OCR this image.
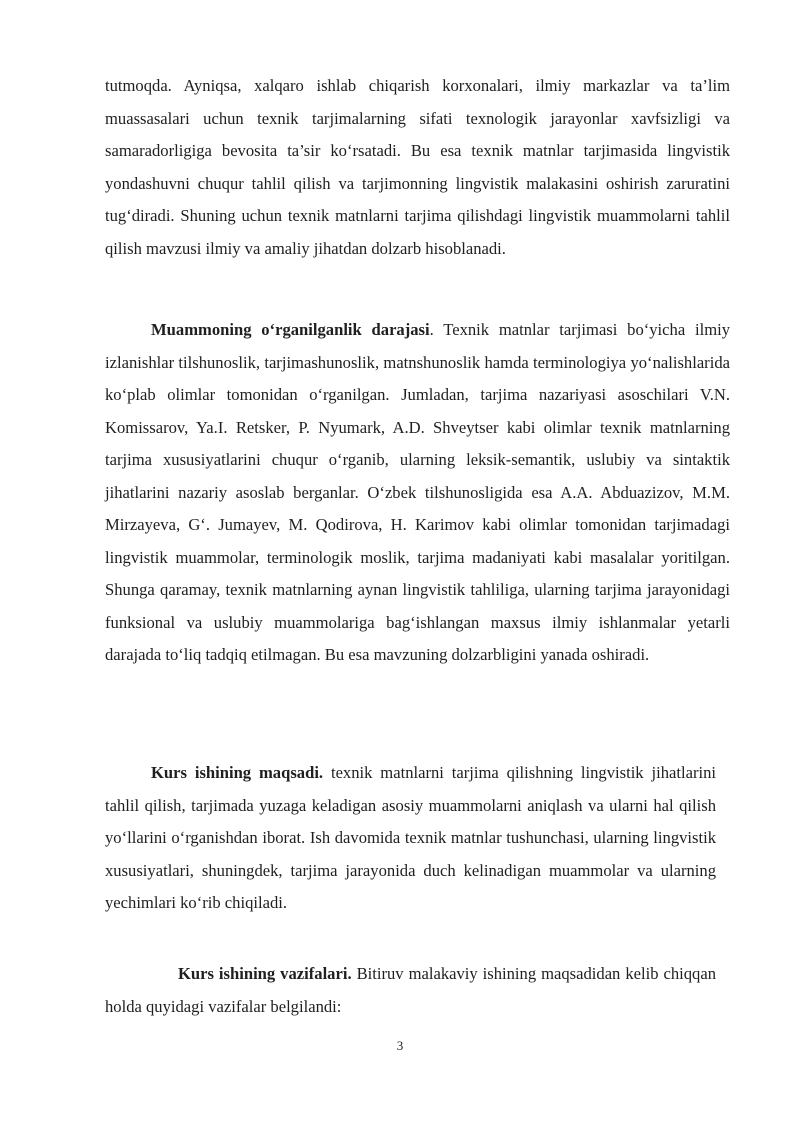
tutmoqda. Ayniqsa, xalqaro ishlab chiqarish korxonalari, ilmiy markazlar va ta’lim muassasalari uchun texnik tarjimalarning sifati texnologik jarayonlar xavfsizligi va samaradorligiga bevosita ta’sir ko‘rsatadi. Bu esa texnik matnlar tarjimasida lingvistik yondashuvni chuqur tahlil qilish va tarjimonning lingvistik malakasini oshirish zaruratini tug‘diradi. Shuning uchun texnik matnlarni tarjima qilishdagi lingvistik muammolarni tahlil qilish mavzusi ilmiy va amaliy jihatdan dolzarb hisoblanadi.

Muammoning o‘rganilganlik darajasi. Texnik matnlar tarjimasi bo‘yicha ilmiy izlanishlar tilshunoslik, tarjimashunoslik, matnshunoslik hamda terminologiya yo‘nalishlarida ko‘plab olimlar tomonidan o‘rganilgan. Jumladan, tarjima nazariyasi asoschilari V.N. Komissarov, Ya.I. Retsker, P. Nyumark, A.D. Shveytser kabi olimlar texnik matnlarning tarjima xususiyatlarini chuqur o‘rganib, ularning leksik-semantik, uslubiy va sintaktik jihatlarini nazariy asoslab berganlar. O‘zbek tilshunosligida esa A.A. Abduazizov, M.M. Mirzayeva, G‘. Jumayev, M. Qodirova, H. Karimov kabi olimlar tomonidan tarjimadagi lingvistik muammolar, terminologik moslik, tarjima madaniyati kabi masalalar yoritilgan. Shunga qaramay, texnik matnlarning aynan lingvistik tahliliga, ularning tarjima jarayonidagi funksional va uslubiy muammolariga bag‘ishlangan maxsus ilmiy ishlanmalar yetarli darajada to‘liq tadqiq etilmagan. Bu esa mavzuning dolzarbligini yanada oshiradi.

Kurs ishining maqsadi. texnik matnlarni tarjima qilishning lingvistik jihatlarini tahlil qilish, tarjimada yuzaga keladigan asosiy muammolarni aniqlash va ularni hal qilish yo‘llarini o‘rganishdan iborat. Ish davomida texnik matnlar tushunchasi, ularning lingvistik xususiyatlari, shuningdek, tarjima jarayonida duch kelinadigan muammolar va ularning yechimlari ko‘rib chiqiladi.

Kurs ishining vazifalari. Bitiruv malakaviy ishining maqsadidan kelib chiqqan holda quyidagi vazifalar belgilandi:

3
